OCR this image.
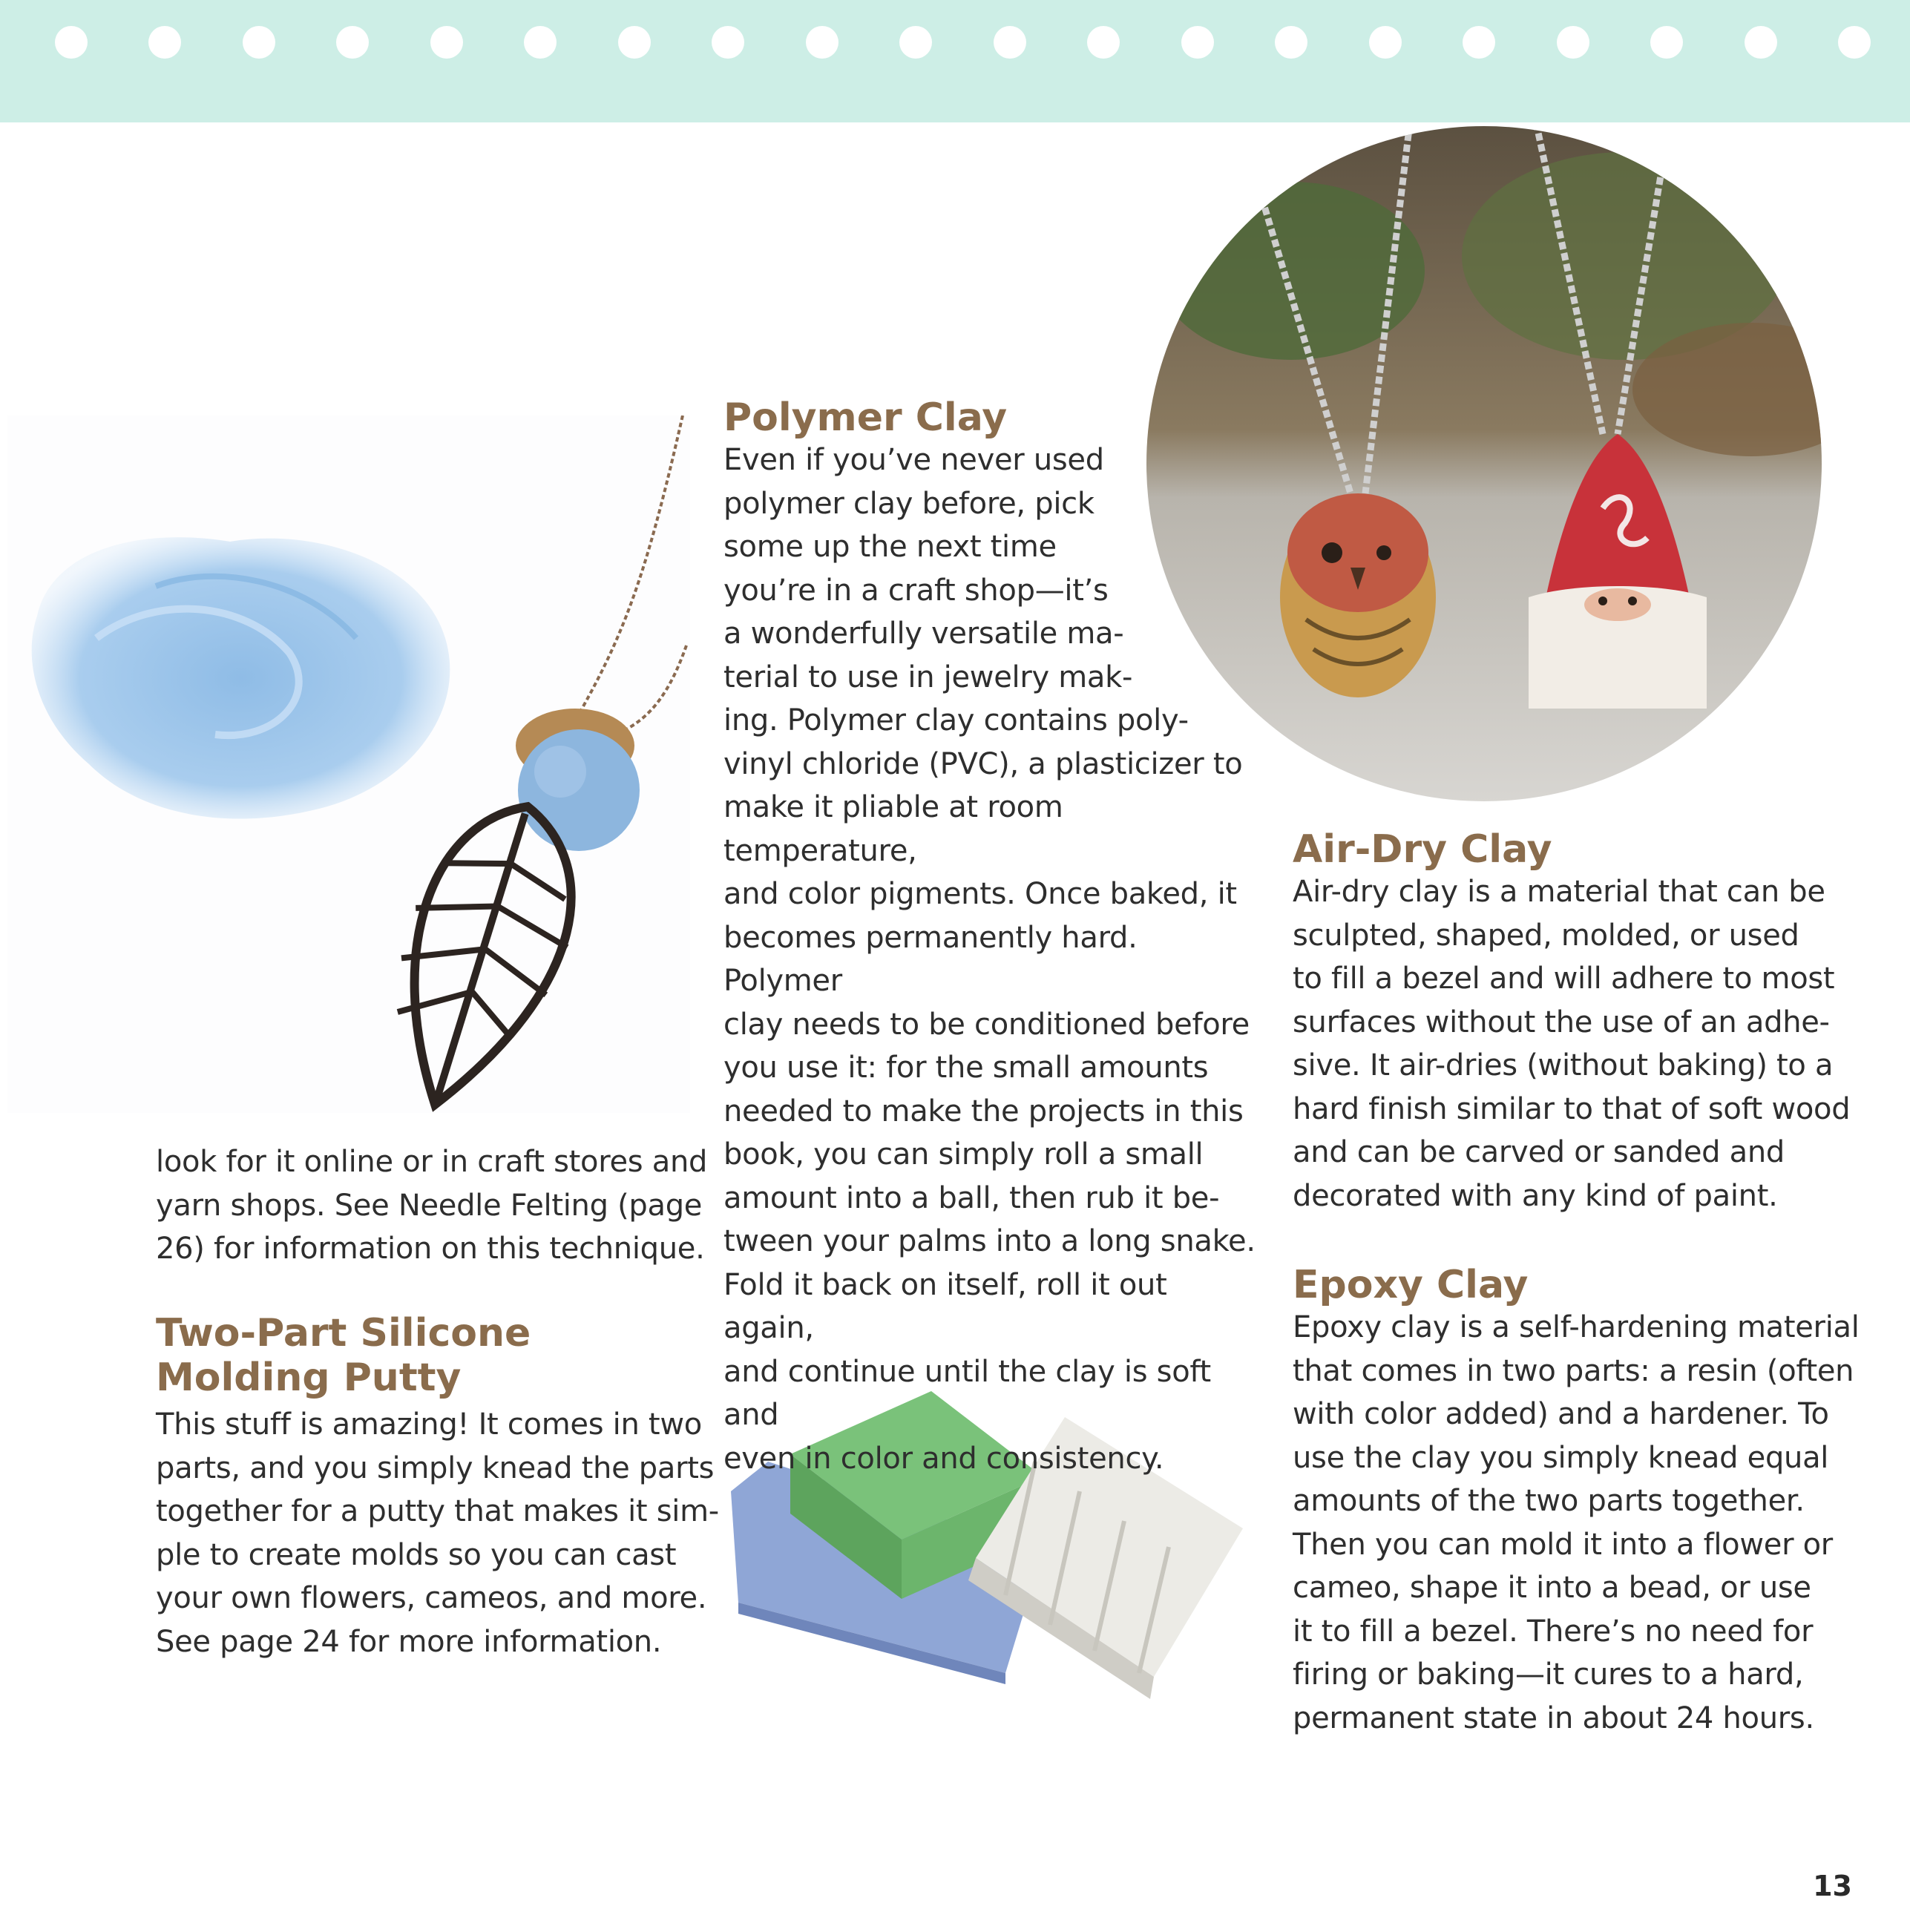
look for it online or in craft stores and
yarn shops. See Needle Felting (page
26) for information on this technique.

Two-Part Silicone
Molding Putty

This stuff is amazing! It comes in two
parts, and you simply knead the parts
together for a putty that makes it sim-
ple to create molds so you can cast
your own flowers, cameos, and more.
See page 24 for more information.

Polymer Clay

Even if you’ve never used
polymer clay before, pick
some up the next time
you’re in a craft shop—it’s
a wonderfully versatile ma-
terial to use in jewelry mak-
ing. Polymer clay contains poly-
vinyl chloride (PVC), a plasticizer to
make it pliable at room temperature,
and color pigments. Once baked, it
becomes permanently hard. Polymer
clay needs to be conditioned before
you use it: for the small amounts
needed to make the projects in this
book, you can simply roll a small
amount into a ball, then rub it be-
tween your palms into a long snake.
Fold it back on itself, roll it out again,
and continue until the clay is soft and
even in color and consistency.

Air-Dry Clay

Air-dry clay is a material that can be
sculpted, shaped, molded, or used
to fill a bezel and will adhere to most
surfaces without the use of an adhe-
sive. It air-dries (without baking) to a
hard finish similar to that of soft wood
and can be carved or sanded and
decorated with any kind of paint.

Epoxy Clay

Epoxy clay is a self-hardening material
that comes in two parts: a resin (often
with color added) and a hardener. To
use the clay you simply knead equal
amounts of the two parts together.
Then you can mold it into a flower or
cameo, shape it into a bead, or use
it to fill a bezel. There’s no need for
firing or baking—it cures to a hard,
permanent state in about 24 hours.

13
